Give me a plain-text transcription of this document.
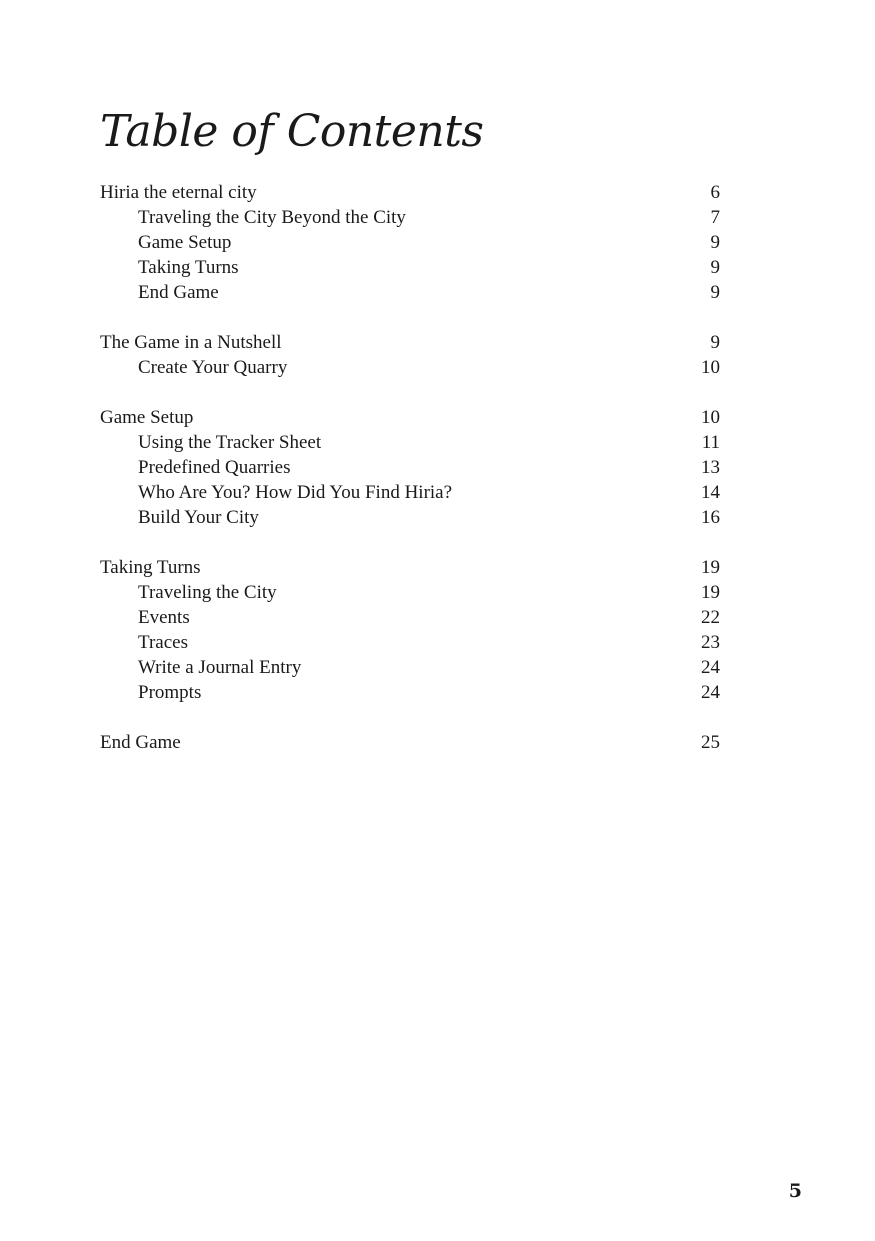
Table of Contents
Hiria the eternal city	6
Traveling the City Beyond the City	7
Game Setup	9
Taking Turns	9
End Game	9
The Game in a Nutshell	9
Create Your Quarry	10
Game Setup	10
Using the Tracker Sheet	11
Predefined Quarries	13
Who Are You? How Did You Find Hiria?	14
Build Your City	16
Taking Turns	19
Traveling the City	19
Events	22
Traces	23
Write a Journal Entry	24
Prompts	24
End Game	25
5
